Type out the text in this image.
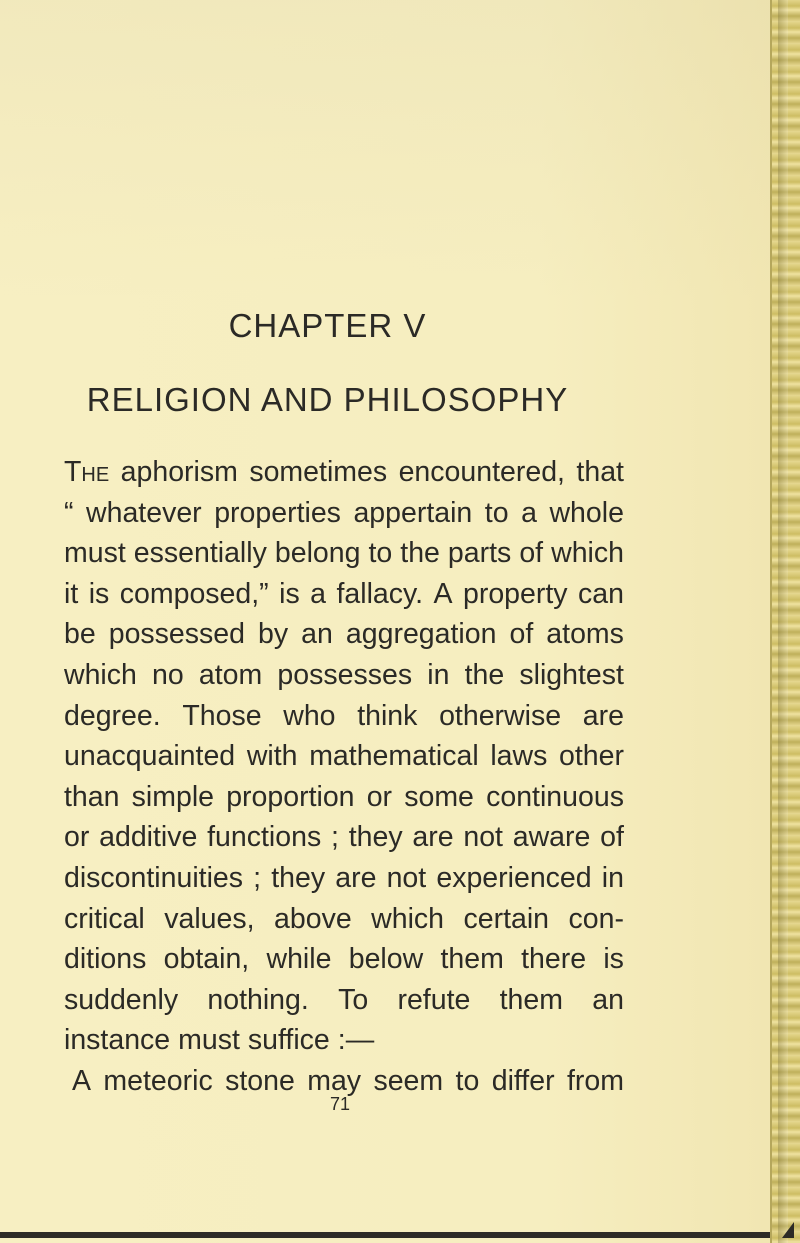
CHAPTER V
RELIGION AND PHILOSOPHY
The aphorism sometimes encountered, that
“ whatever properties appertain to a whole
must essentially belong to the parts of which
it is composed,” is a fallacy. A property can
be possessed by an aggregation of atoms
which no atom possesses in the slightest
degree. Those who think otherwise are
unacquainted with mathematical laws other
than simple proportion or some continuous
or additive functions ; they are not aware of
discontinuities ; they are not experienced in
critical values, above which certain con-
ditions obtain, while below them there is
suddenly nothing. To refute them an
instance must suffice :—
A meteoric stone may seem to differ from
71
